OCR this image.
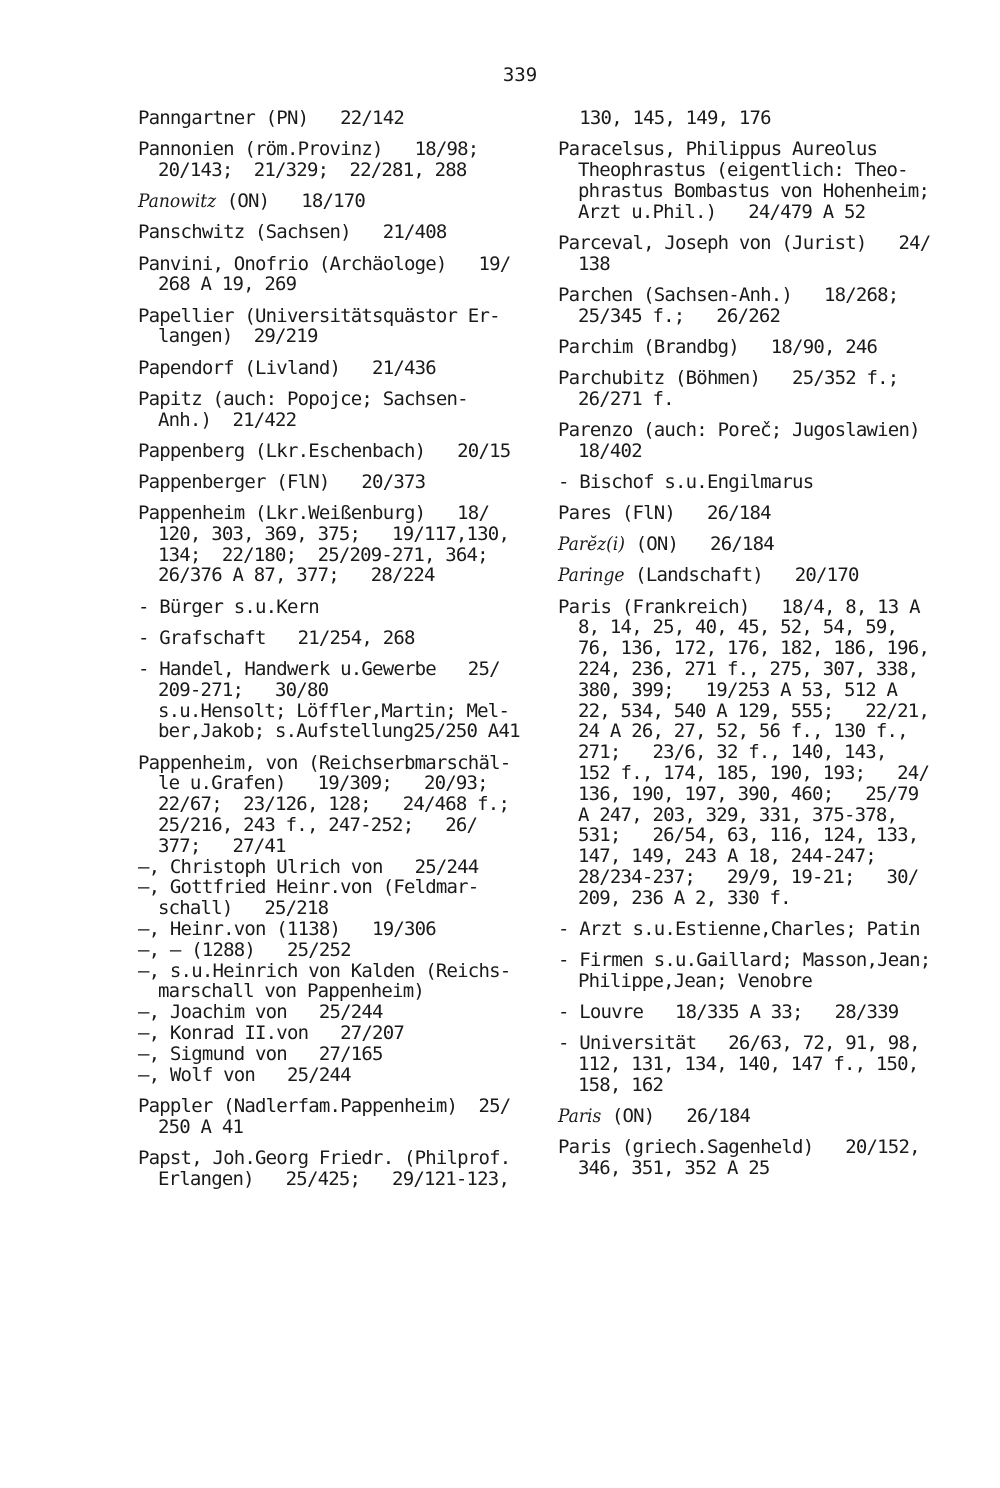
339
Panngartner (PN)   22/142
Pannonien (röm.Provinz)   18/98;
20/143;  21/329;  22/281, 288
Panowitz (ON)   18/170
Panschwitz (Sachsen)   21/408
Panvini, Onofrio (Archäologe)   19/
268 A 19, 269
Papellier (Universitätsquästor Er-
langen)  29/219
Papendorf (Livland)   21/436
Papitz (auch: Popojce; Sachsen-
Anh.)  21/422
Pappenberg (Lkr.Eschenbach)   20/15
Pappenberger (FlN)   20/373
Pappenheim (Lkr.Weißenburg)   18/
120, 303, 369, 375;   19/117,130,
134;  22/180;  25/209-271, 364;
26/376 A 87, 377;   28/224
- Bürger s.u.Kern
- Grafschaft   21/254, 268
- Handel, Handwerk u.Gewerbe   25/
209-271;   30/80
s.u.Hensolt; Löffler,Martin; Mel-
ber,Jakob; s.Aufstellung25/250 A41
Pappenheim, von (Reichserbmarschäl-
le u.Grafen)   19/309;   20/93;
22/67;  23/126, 128;   24/468 f.;
25/216, 243 f., 247-252;   26/
377;   27/41
—, Christoph Ulrich von   25/244
—, Gottfried Heinr.von (Feldmar-
schall)   25/218
—, Heinr.von (1138)   19/306
—, — (1288)   25/252
—, s.u.Heinrich von Kalden (Reichs-
marschall von Pappenheim)
—, Joachim von   25/244
—, Konrad II.von   27/207
—, Sigmund von   27/165
—, Wolf von   25/244
Pappler (Nadlerfam.Pappenheim)  25/
250 A 41
Papst, Joh.Georg Friedr. (Philprof.
Erlangen)   25/425;   29/121-123,
130, 145, 149, 176
Paracelsus, Philippus Aureolus
Theophrastus (eigentlich: Theo-
phrastus Bombastus von Hohenheim;
Arzt u.Phil.)   24/479 A 52
Parceval, Joseph von (Jurist)   24/
138
Parchen (Sachsen-Anh.)   18/268;
25/345 f.;   26/262
Parchim (Brandbg)   18/90, 246
Parchubitz (Böhmen)   25/352 f.;
26/271 f.
Parenzo (auch: Poreč; Jugoslawien)
18/402
- Bischof s.u.Engilmarus
Pares (FlN)   26/184
Parĕz(i) (ON)   26/184
Paringe (Landschaft)   20/170
Paris (Frankreich)   18/4, 8, 13 A
8, 14, 25, 40, 45, 52, 54, 59,
76, 136, 172, 176, 182, 186, 196,
224, 236, 271 f., 275, 307, 338,
380, 399;   19/253 A 53, 512 A
22, 534, 540 A 129, 555;   22/21,
24 A 26, 27, 52, 56 f., 130 f.,
271;   23/6, 32 f., 140, 143,
152 f., 174, 185, 190, 193;   24/
136, 190, 197, 390, 460;   25/79
A 247, 203, 329, 331, 375-378,
531;   26/54, 63, 116, 124, 133,
147, 149, 243 A 18, 244-247;
28/234-237;   29/9, 19-21;   30/
209, 236 A 2, 330 f.
- Arzt s.u.Estienne,Charles; Patin
- Firmen s.u.Gaillard; Masson,Jean;
Philippe,Jean; Venobre
- Louvre   18/335 A 33;   28/339
- Universität   26/63, 72, 91, 98,
112, 131, 134, 140, 147 f., 150,
158, 162
Paris (ON)   26/184
Paris (griech.Sagenheld)   20/152,
346, 351, 352 A 25
